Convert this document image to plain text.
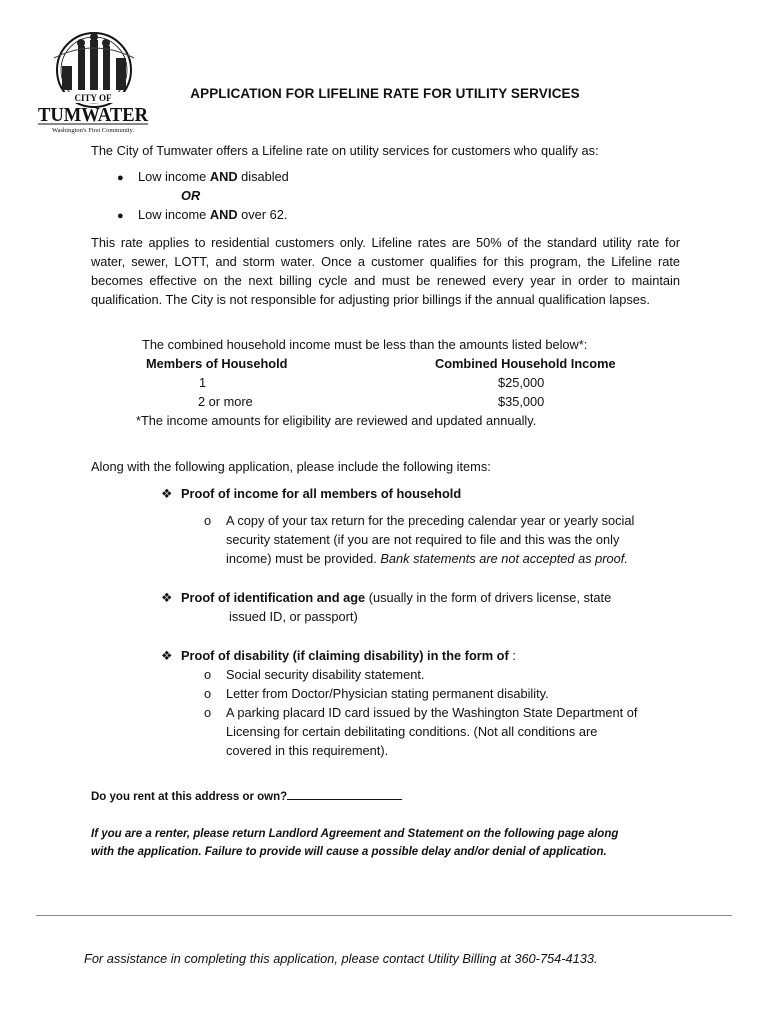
CITY OF
TUMWATER
Washington's First Community.
APPLICATION FOR LIFELINE RATE FOR UTILITY SERVICES
The City of Tumwater offers a Lifeline rate on utility services for customers who qualify as:
● Low income AND disabled
OR
● Low income AND over 62.
This rate applies to residential customers only. Lifeline rates are 50% of the standard utility rate for water, sewer, LOTT, and storm water. Once a customer qualifies for this program, the Lifeline rate becomes effective on the next billing cycle and must be renewed every year in order to maintain qualification. The City is not responsible for adjusting prior billings if the annual qualification lapses.
The combined household income must be less than the amounts listed below*:
Members of Household	Combined Household Income
1	$25,000
2 or more	$35,000
*The income amounts for eligibility are reviewed and updated annually.
Along with the following application, please include the following items:
❖ Proof of income for all members of household
o A copy of your tax return for the preceding calendar year or yearly social
security statement (if you are not required to file and this was the only
income) must be provided. Bank statements are not accepted as proof.
❖ Proof of identification and age (usually in the form of drivers license, state
issued ID, or passport)
❖ Proof of disability (if claiming disability) in the form of :
o Social security disability statement.
o Letter from Doctor/Physician stating permanent disability.
o A parking placard ID card issued by the Washington State Department of
Licensing for certain debilitating conditions. (Not all conditions are
covered in this requirement).
Do you rent at this address or own?
If you are a renter, please return Landlord Agreement and Statement on the following page along
with the application. Failure to provide will cause a possible delay and/or denial of application.
For assistance in completing this application, please contact Utility Billing at 360-754-4133.
